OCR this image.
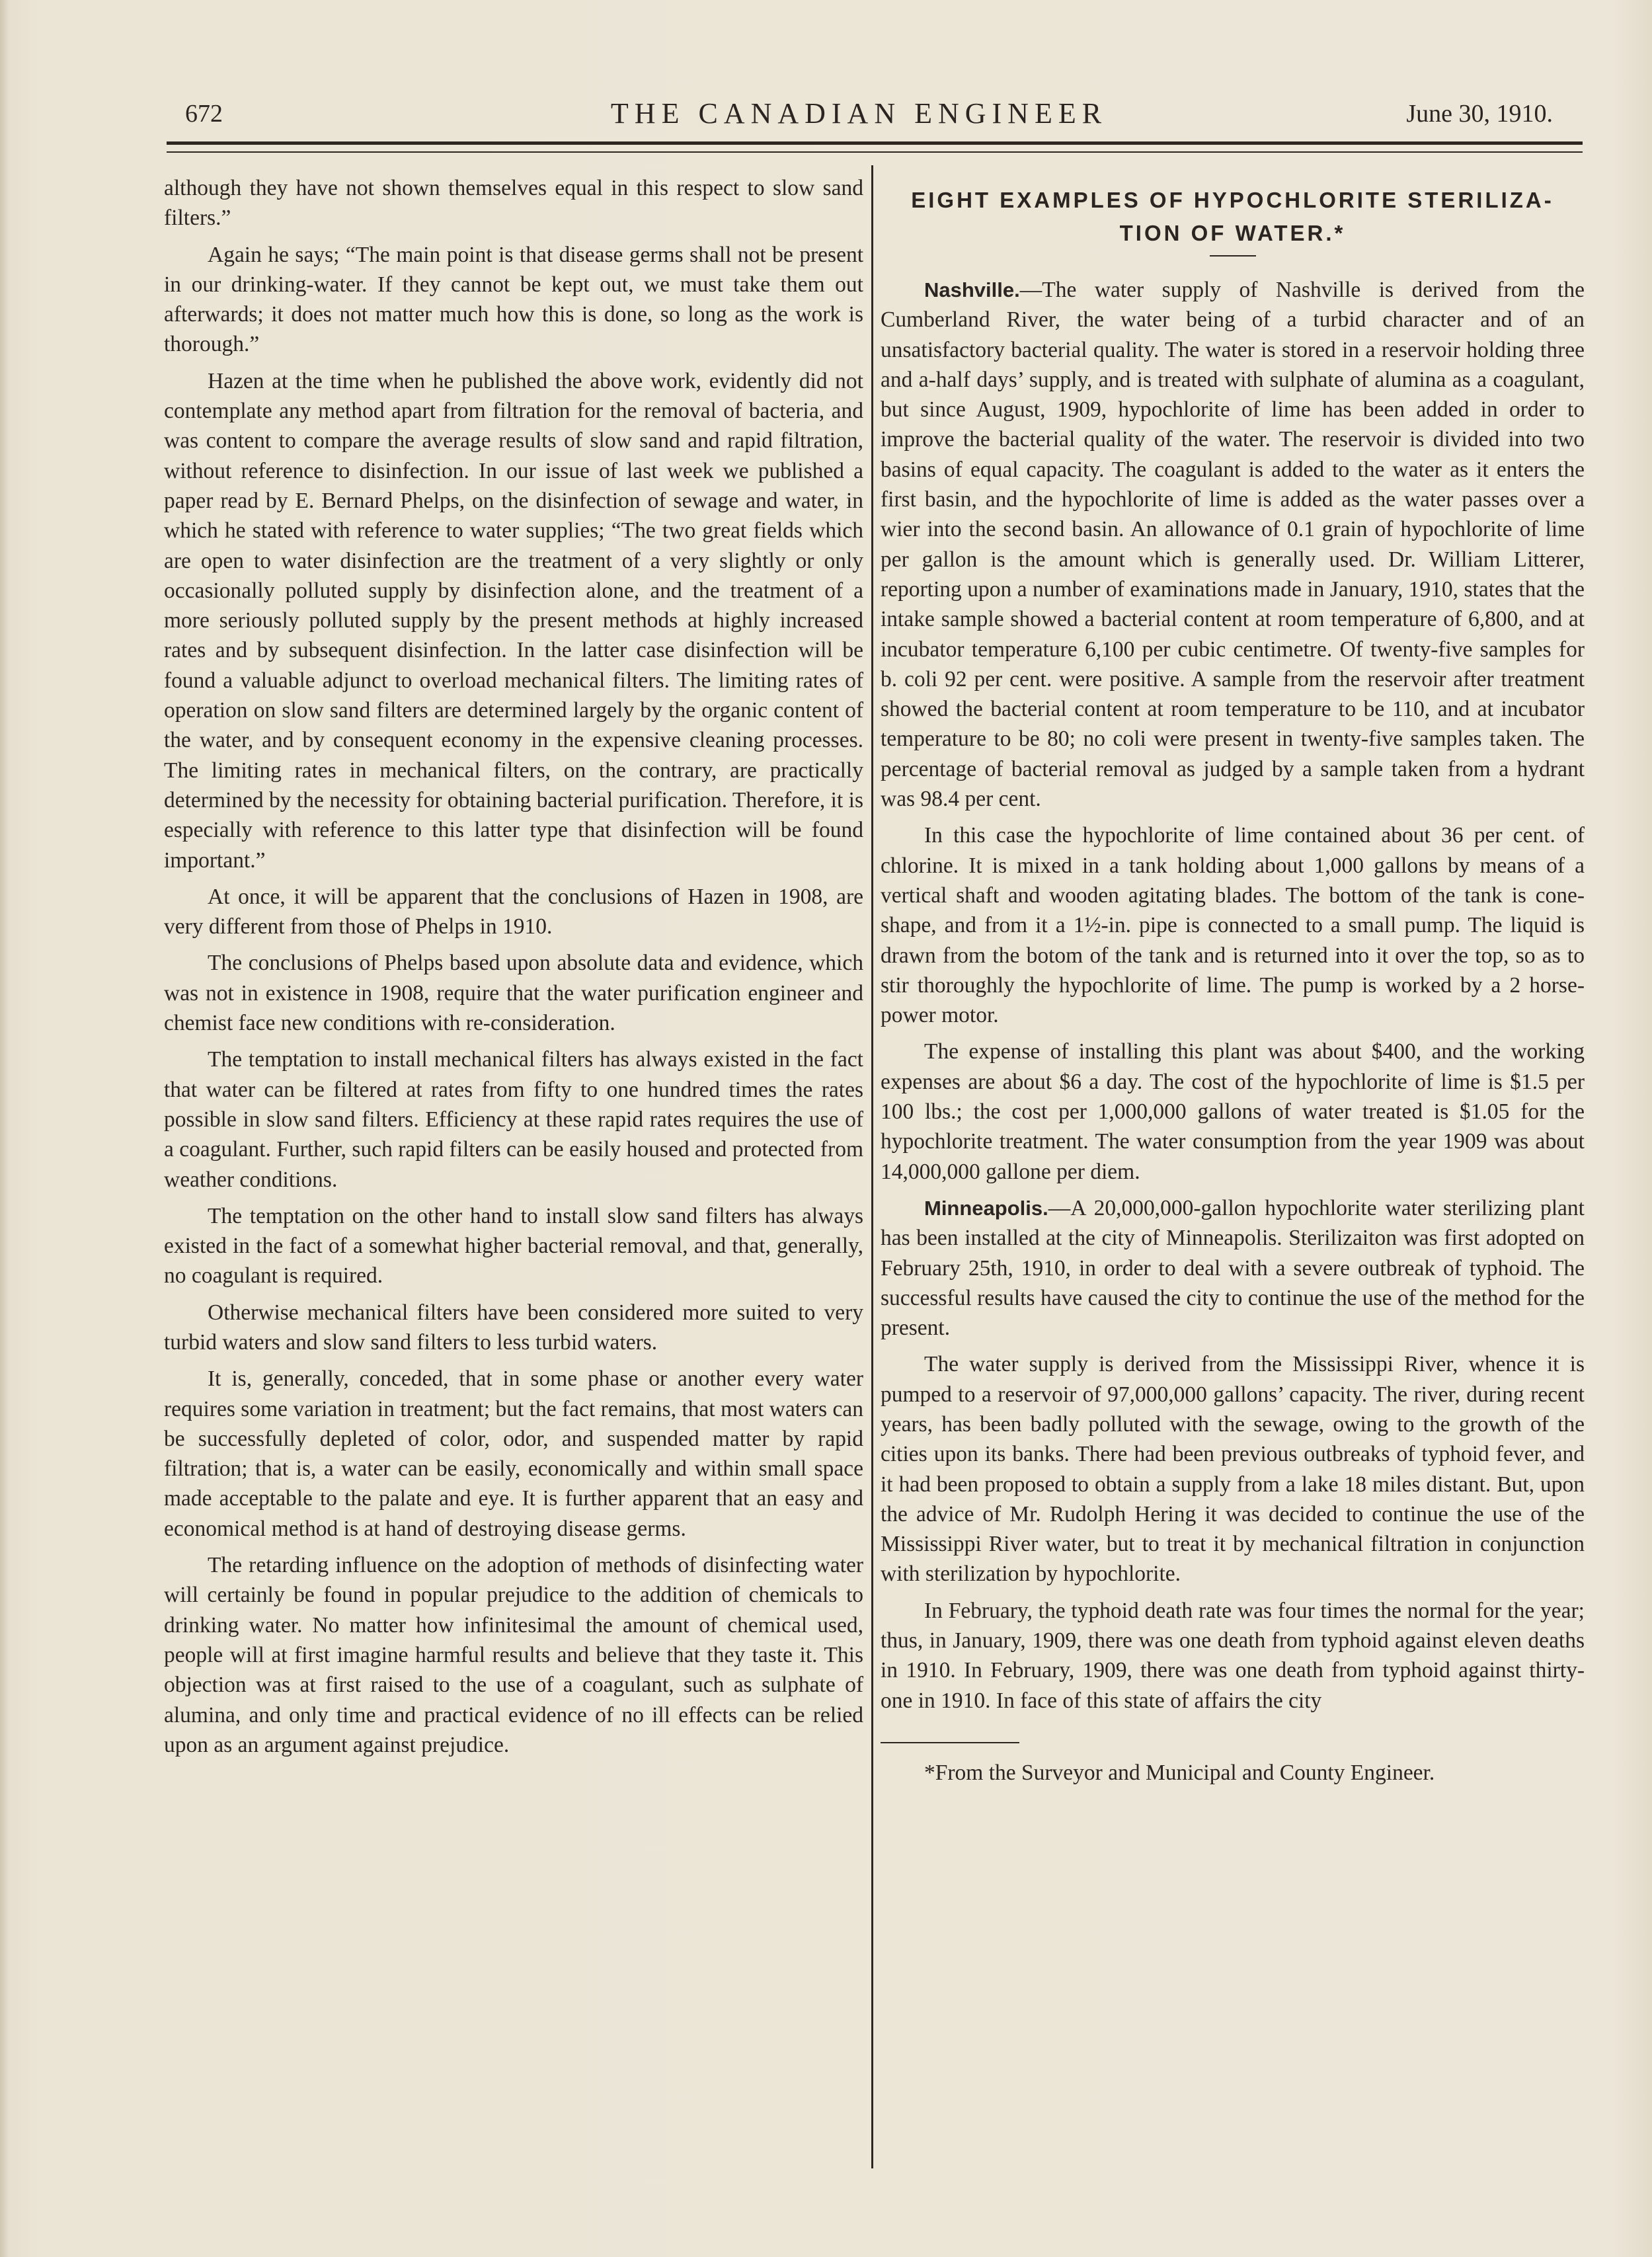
672	THE CANADIAN ENGINEER	June 30, 1910.

although they have not shown themselves equal in this respect to slow sand filters.”

Again he says; “The main point is that disease germs shall not be present in our drinking-water. If they cannot be kept out, we must take them out afterwards; it does not matter much how this is done, so long as the work is thorough.”

Hazen at the time when he published the above work, evidently did not contemplate any method apart from filtration for the removal of bacteria, and was content to compare the average results of slow sand and rapid filtration, without reference to disinfection. In our issue of last week we published a paper read by E. Bernard Phelps, on the disinfection of sewage and water, in which he stated with reference to water supplies; “The two great fields which are open to water disinfection are the treatment of a very slightly or only occasionally polluted supply by disinfection alone, and the treatment of a more seriously polluted supply by the present methods at highly increased rates and by subsequent disinfection. In the latter case disinfection will be found a valuable adjunct to overload mechanical filters. The limiting rates of operation on slow sand filters are determined largely by the organic content of the water, and by consequent economy in the expensive cleaning processes. The limiting rates in mechanical filters, on the contrary, are practically determined by the necessity for obtaining bacterial purification. Therefore, it is especially with reference to this latter type that disinfection will be found important.”

At once, it will be apparent that the conclusions of Hazen in 1908, are very different from those of Phelps in 1910.

The conclusions of Phelps based upon absolute data and evidence, which was not in existence in 1908, require that the water purification engineer and chemist face new conditions with re-consideration.

The temptation to install mechanical filters has always existed in the fact that water can be filtered at rates from fifty to one hundred times the rates possible in slow sand filters. Efficiency at these rapid rates requires the use of a coagulant. Further, such rapid filters can be easily housed and protected from weather conditions.

The temptation on the other hand to install slow sand filters has always existed in the fact of a somewhat higher bacterial removal, and that, generally, no coagulant is required.

Otherwise mechanical filters have been considered more suited to very turbid waters and slow sand filters to less turbid waters.

It is, generally, conceded, that in some phase or another every water requires some variation in treatment; but the fact remains, that most waters can be successfully depleted of color, odor, and suspended matter by rapid filtration; that is, a water can be easily, economically and within small space made acceptable to the palate and eye. It is further apparent that an easy and economical method is at hand of destroying disease germs.

The retarding influence on the adoption of methods of disinfecting water will certainly be found in popular prejudice to the addition of chemicals to drinking water. No matter how infinitesimal the amount of chemical used, people will at first imagine harmful results and believe that they taste it. This objection was at first raised to the use of a coagulant, such as sulphate of alumina, and only time and practical evidence of no ill effects can be relied upon as an argument against prejudice.

EIGHT EXAMPLES OF HYPOCHLORITE STERILIZA-TION OF WATER.*

Nashville.—The water supply of Nashville is derived from the Cumberland River, the water being of a turbid character and of an unsatisfactory bacterial quality. The water is stored in a reservoir holding three and a-half days’ supply, and is treated with sulphate of alumina as a coagulant, but since August, 1909, hypochlorite of lime has been added in order to improve the bacterial quality of the water. The reservoir is divided into two basins of equal capacity. The coagulant is added to the water as it enters the first basin, and the hypochlorite of lime is added as the water passes over a wier into the second basin. An allowance of 0.1 grain of hypochlorite of lime per gallon is the amount which is generally used. Dr. William Litterer, reporting upon a number of examinations made in January, 1910, states that the intake sample showed a bacterial content at room temperature of 6,800, and at incubator temperature 6,100 per cubic centimetre. Of twenty-five samples for b. coli 92 per cent. were positive. A sample from the reservoir after treatment showed the bacterial content at room temperature to be 110, and at incubator temperature to be 80; no coli were present in twenty-five samples taken. The percentage of bacterial removal as judged by a sample taken from a hydrant was 98.4 per cent.

In this case the hypochlorite of lime contained about 36 per cent. of chlorine. It is mixed in a tank holding about 1,000 gallons by means of a vertical shaft and wooden agitating blades. The bottom of the tank is cone-shape, and from it a 1½-in. pipe is connected to a small pump. The liquid is drawn from the botom of the tank and is returned into it over the top, so as to stir thoroughly the hypochlorite of lime. The pump is worked by a 2 horse-power motor.

The expense of installing this plant was about $400, and the working expenses are about $6 a day. The cost of the hypochlorite of lime is $1.5 per 100 lbs.; the cost per 1,000,000 gallons of water treated is $1.05 for the hypochlorite treatment. The water consumption from the year 1909 was about 14,000,000 gallone per diem.

Minneapolis.—A 20,000,000-gallon hypochlorite water sterilizing plant has been installed at the city of Minneapolis. Sterilizaiton was first adopted on February 25th, 1910, in order to deal with a severe outbreak of typhoid. The successful results have caused the city to continue the use of the method for the present.

The water supply is derived from the Mississippi River, whence it is pumped to a reservoir of 97,000,000 gallons’ capacity. The river, during recent years, has been badly polluted with the sewage, owing to the growth of the cities upon its banks. There had been previous outbreaks of typhoid fever, and it had been proposed to obtain a supply from a lake 18 miles distant. But, upon the advice of Mr. Rudolph Hering it was decided to continue the use of the Mississippi River water, but to treat it by mechanical filtration in conjunction with sterilization by hypochlorite.

In February, the typhoid death rate was four times the normal for the year; thus, in January, 1909, there was one death from typhoid against eleven deaths in 1910. In February, 1909, there was one death from typhoid against thirty-one in 1910. In face of this state of affairs the city

*From the Surveyor and Municipal and County Engineer.
